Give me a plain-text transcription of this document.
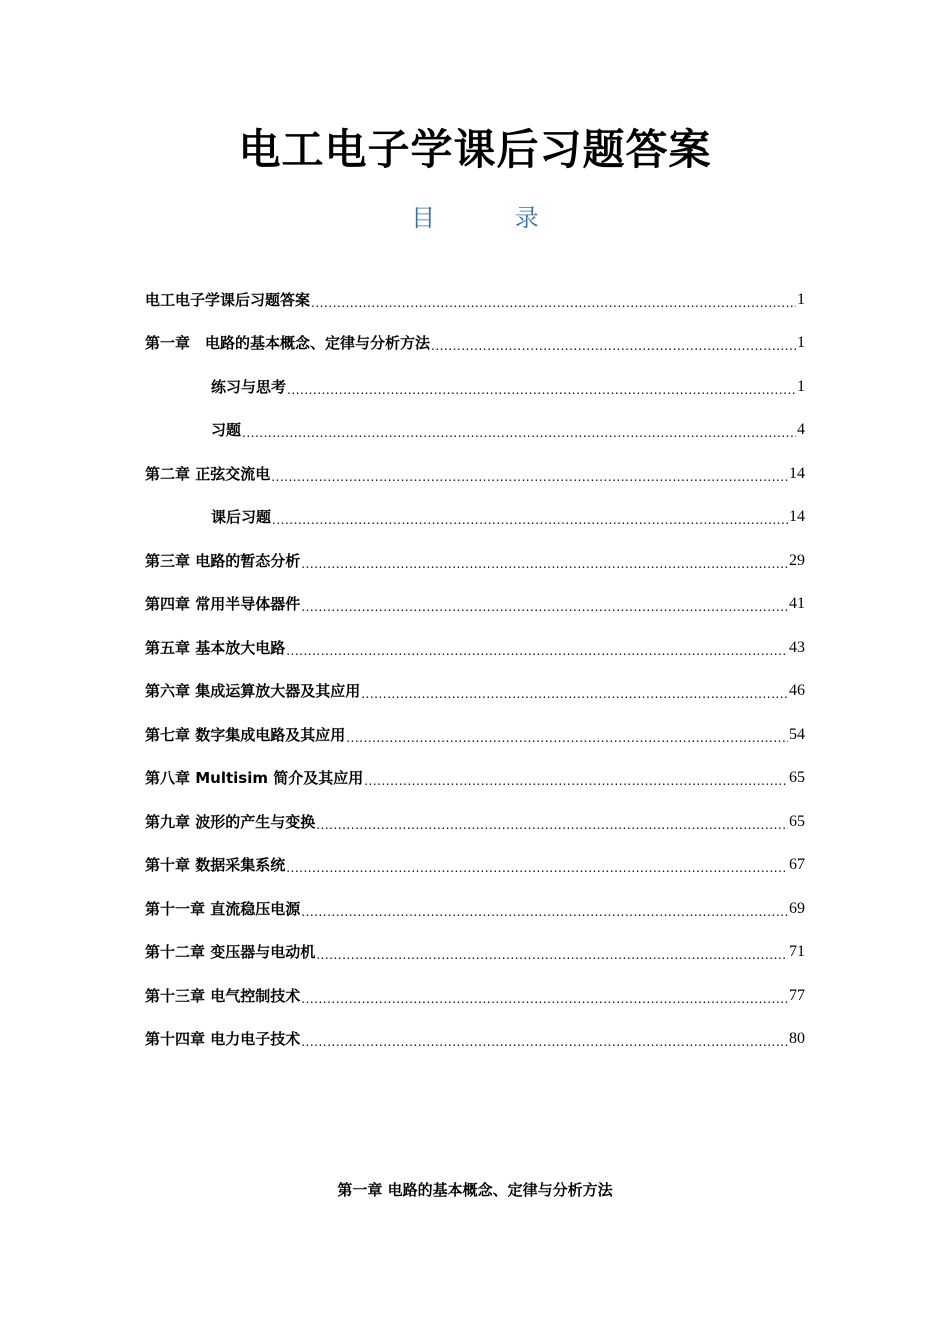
电工电子学课后习题答案
目 录
电工电子学课后习题答案 .....	1
第一章　电路的基本概念、定律与分析方法 .....	1
练习与思考 .....	1
习题 .....	4
第二章 正弦交流电 .....	14
课后习题 .....	14
第三章 电路的暂态分析 .....	29
第四章 常用半导体器件 .....	41
第五章 基本放大电路 .....	43
第六章 集成运算放大器及其应用 .....	46
第七章 数字集成电路及其应用 .....	54
第八章 Multisim 简介及其应用 .....	65
第九章 波形的产生与变换 .....	65
第十章 数据采集系统 .....	67
第十一章 直流稳压电源 .....	69
第十二章 变压器与电动机 .....	71
第十三章 电气控制技术 .....	77
第十四章 电力电子技术 .....	80
第一章 电路的基本概念、定律与分析方法
